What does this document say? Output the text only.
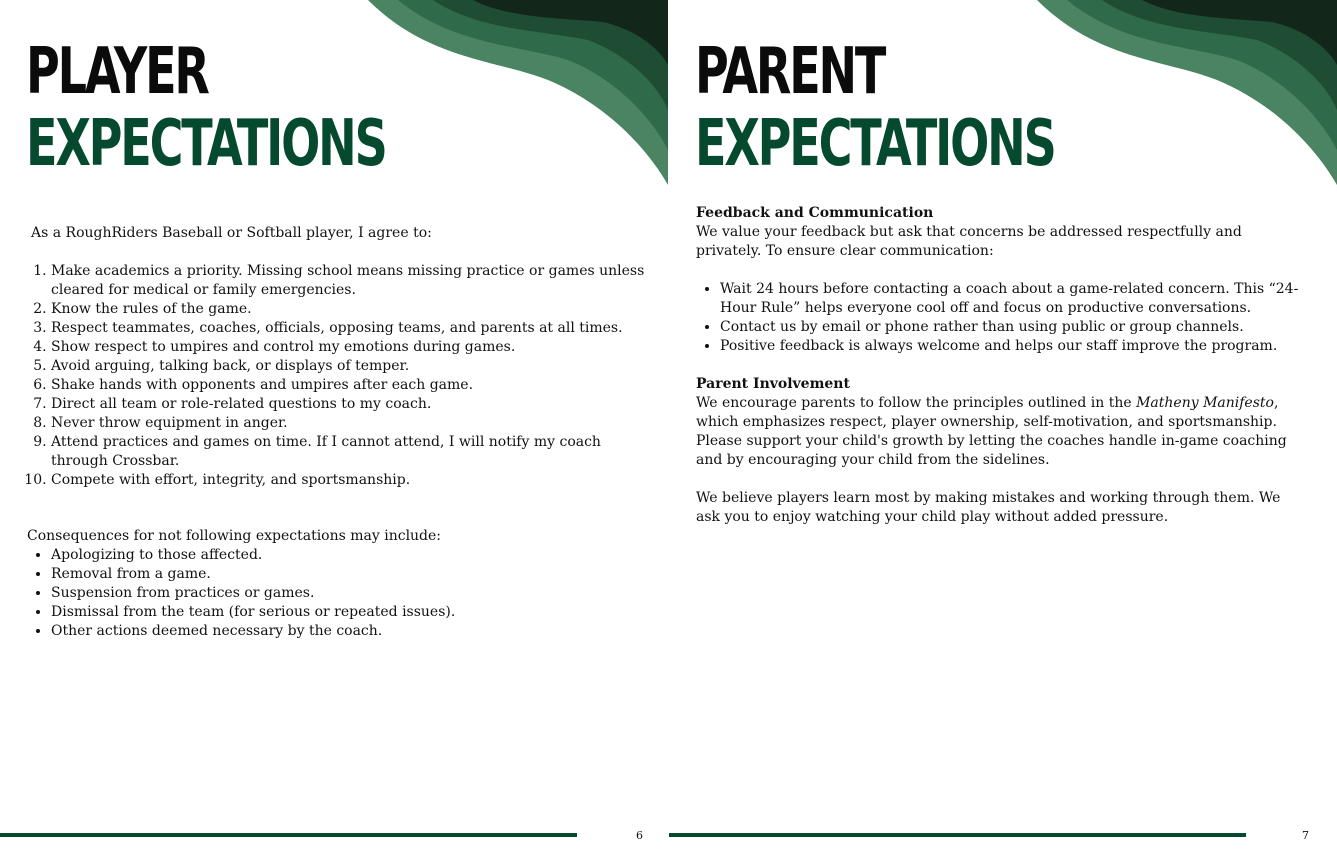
PLAYER
EXPECTATIONS

As a RoughRiders Baseball or Softball player, I agree to:

1. Make academics a priority. Missing school means missing practice or games unless cleared for medical or family emergencies.
2. Know the rules of the game.
3. Respect teammates, coaches, officials, opposing teams, and parents at all times.
4. Show respect to umpires and control my emotions during games.
5. Avoid arguing, talking back, or displays of temper.
6. Shake hands with opponents and umpires after each game.
7. Direct all team or role-related questions to my coach.
8. Never throw equipment in anger.
9. Attend practices and games on time. If I cannot attend, I will notify my coach through Crossbar.
10. Compete with effort, integrity, and sportsmanship.

Consequences for not following expectations may include:

• Apologizing to those affected.
• Removal from a game.
• Suspension from practices or games.
• Dismissal from the team (for serious or repeated issues).
• Other actions deemed necessary by the coach.
6
PARENT
EXPECTATIONS

Feedback and Communication

We value your feedback but ask that concerns be addressed respectfully and privately. To ensure clear communication:

• Wait 24 hours before contacting a coach about a game-related concern. This “24-Hour Rule” helps everyone cool off and focus on productive conversations.
• Contact us by email or phone rather than using public or group channels.
• Positive feedback is always welcome and helps our staff improve the program.

Parent Involvement

We encourage parents to follow the principles outlined in the Matheny Manifesto, which emphasizes respect, player ownership, self-motivation, and sportsmanship. Please support your child's growth by letting the coaches handle in-game coaching and by encouraging your child from the sidelines.

We believe players learn most by making mistakes and working through them. We ask you to enjoy watching your child play without added pressure.

7
